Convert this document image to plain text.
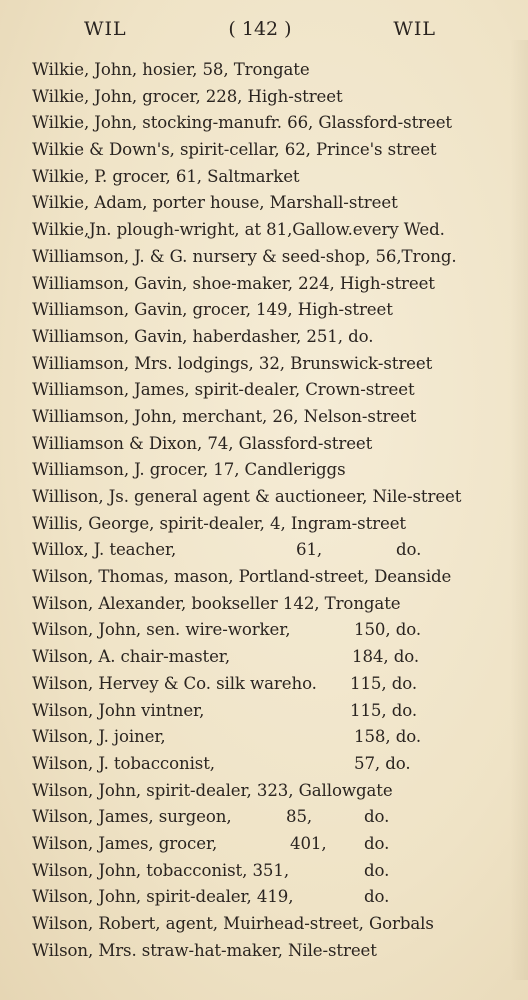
WIL	( 142 )	WIL
Wilkie, John, hosier, 58, Trongate
Wilkie, John, grocer, 228, High-street
Wilkie, John, stocking-manufr. 66, Glassford-street
Wilkie & Down's, spirit-cellar, 62, Prince's street
Wilkie, P. grocer, 61, Saltmarket
Wilkie, Adam, porter house, Marshall-street
Wilkie,Jn. plough-wright, at 81,Gallow.every Wed.
Williamson, J. & G. nursery & seed-shop, 56,Trong.
Williamson, Gavin, shoe-maker, 224, High-street
Williamson, Gavin, grocer, 149, High-street
Williamson, Gavin, haberdasher, 251, do.
Williamson, Mrs. lodgings, 32, Brunswick-street
Williamson, James, spirit-dealer, Crown-street
Williamson, John, merchant, 26, Nelson-street
Williamson & Dixon, 74, Glassford-street
Williamson, J. grocer, 17, Candleriggs
Willison, Js. general agent & auctioneer, Nile-street
Willis, George, spirit-dealer, 4, Ingram-street
Willox, J. teacher,	61,	do.
Wilson, Thomas, mason, Portland-street, Deanside
Wilson, Alexander, bookseller 142, Trongate
Wilson, John, sen. wire-worker,	150, do.
Wilson, A. chair-master,	184, do.
Wilson, Hervey & Co. silk wareho. 115, do.
Wilson, John vintner,	115, do.
Wilson, J. joiner,	158, do.
Wilson, J. tobacconist,	57, do.
Wilson, John, spirit-dealer, 323, Gallowgate
Wilson, James, surgeon,	85,	do.
Wilson, James, grocer,	401, do.
Wilson, John, tobacconist, 351,	do.
Wilson, John, spirit-dealer, 419,	do.
Wilson, Robert, agent, Muirhead-street, Gorbals
Wilson, Mrs. straw-hat-maker, Nile-street
